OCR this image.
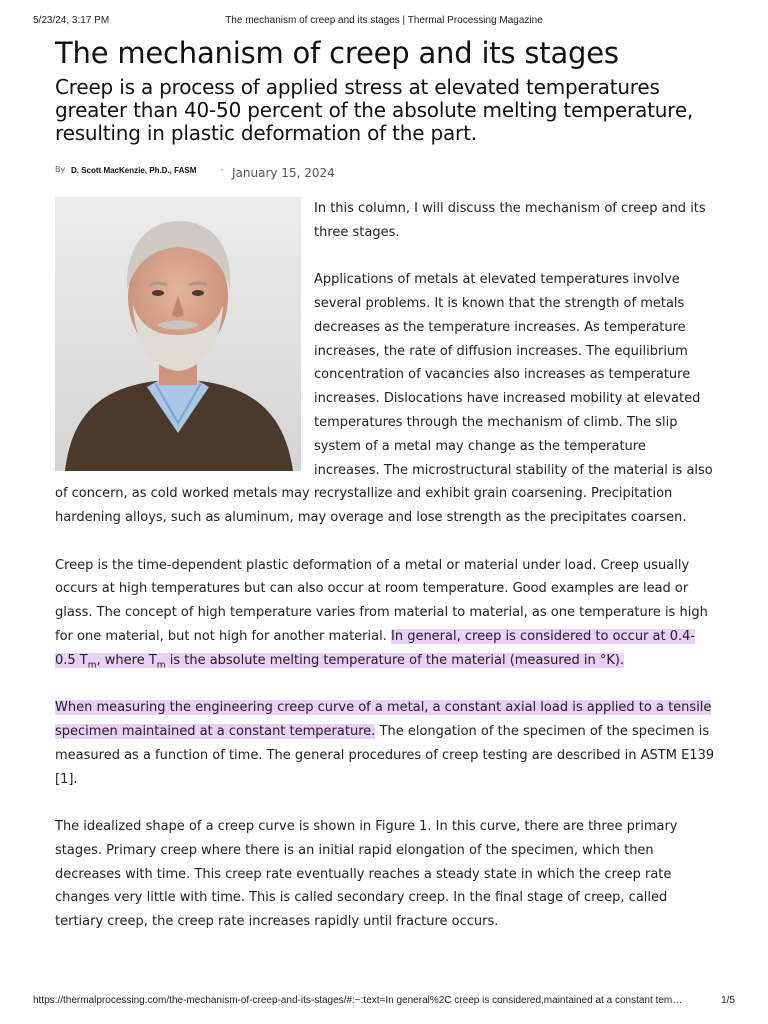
5/23/24, 3:17 PM	The mechanism of creep and its stages | Thermal Processing Magazine
The mechanism of creep and its stages
Creep is a process of applied stress at elevated temperatures greater than 40-50 percent of the absolute melting temperature, resulting in plastic deformation of the part.
By D. Scott MacKenzie, Ph.D., FASM	- January 15, 2024

In this column, I will discuss the mechanism of creep and its three stages.

Applications of metals at elevated temperatures involve several problems. It is known that the strength of metals decreases as the temperature increases. As temperature increases, the rate of diffusion increases. The equilibrium concentration of vacancies also increases as temperature increases. Dislocations have increased mobility at elevated temperatures through the mechanism of climb. The slip system of a metal may change as the temperature increases. The microstructural stability of the material is also of concern, as cold worked metals may recrystallize and exhibit grain coarsening. Precipitation hardening alloys, such as aluminum, may overage and lose strength as the precipitates coarsen.

Creep is the time-dependent plastic deformation of a metal or material under load. Creep usually occurs at high temperatures but can also occur at room temperature. Good examples are lead or glass. The concept of high temperature varies from material to material, as one temperature is high for one material, but not high for another material. In general, creep is considered to occur at 0.4-0.5 $T_m$, where $T_m$ is the absolute melting temperature of the material (measured in °K).

When measuring the engineering creep curve of a metal, a constant axial load is applied to a tensile specimen maintained at a constant temperature. The elongation of the specimen of the specimen is measured as a function of time. The general procedures of creep testing are described in ASTM E139 [1].

The idealized shape of a creep curve is shown in Figure 1. In this curve, there are three primary stages. Primary creep where there is an initial rapid elongation of the specimen, which then decreases with time. This creep rate eventually reaches a steady state in which the creep rate changes very little with time. This is called secondary creep. In the final stage of creep, called tertiary creep, the creep rate increases rapidly until fracture occurs.

https://thermalprocessing.com/the-mechanism-of-creep-and-its-stages/#:~:text=In general%2C creep is considered,maintained at a constant tem…	1/5
